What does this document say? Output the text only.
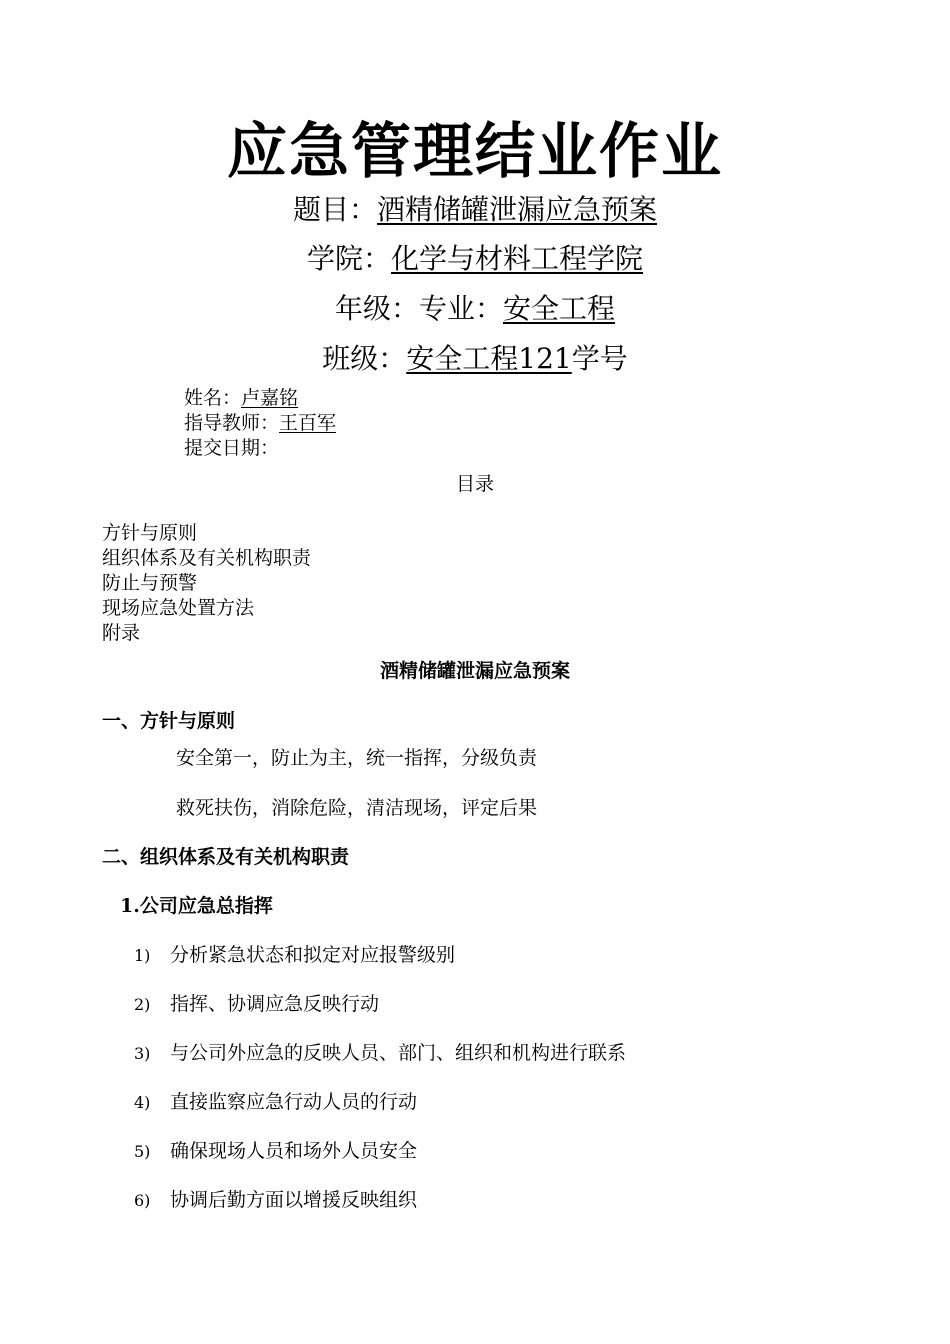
应急管理结业作业
题目：酒精储罐泄漏应急预案
学院：化学与材料工程学院
年级：专业：安全工程
班级：安全工程121学号
姓名：卢嘉铭
指导教师：王百军
提交日期：
目录
方针与原则
组织体系及有关机构职责
防止与预警
现场应急处置方法
附录
酒精储罐泄漏应急预案
一、方针与原则
安全第一，防止为主，统一指挥，分级负责
救死扶伤，消除危险，清洁现场，评定后果
二、组织体系及有关机构职责
1.公司应急总指挥
1) 分析紧急状态和拟定对应报警级别
2) 指挥、协调应急反映行动
3) 与公司外应急的反映人员、部门、组织和机构进行联系
4) 直接监察应急行动人员的行动
5) 确保现场人员和场外人员安全
6) 协调后勤方面以增援反映组织
